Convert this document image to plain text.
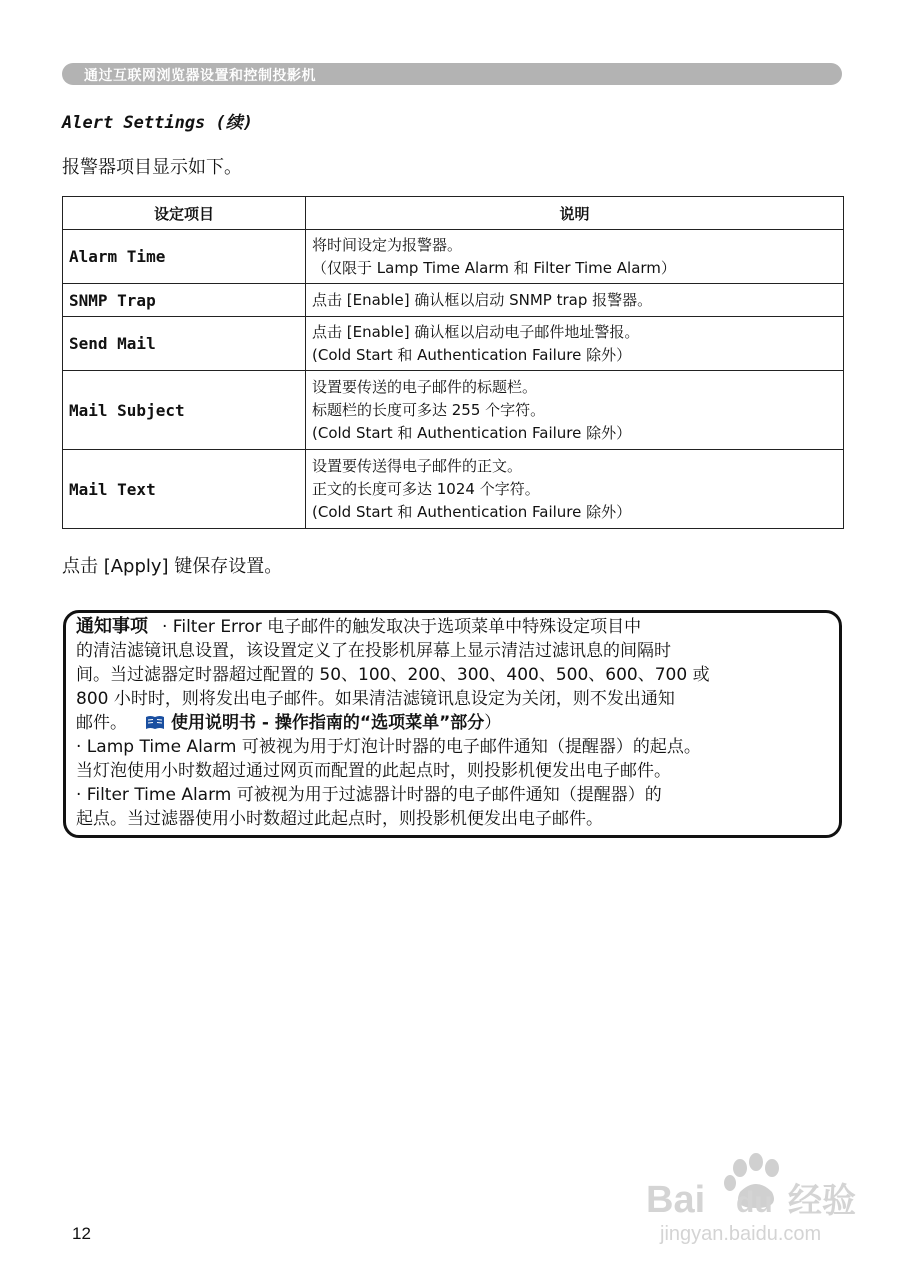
通过互联网浏览器设置和控制投影机
Alert Settings (续)
报警器项目显示如下。
设定项目	说明
Alarm Time	将时间设定为报警器。
（仅限于 Lamp Time Alarm 和 Filter Time Alarm）

SNMP Trap	点击 [Enable] 确认框以启动 SNMP trap 报警器。

Send Mail	点击 [Enable] 确认框以启动电子邮件地址警报。
(Cold Start 和 Authentication Failure 除外）

Mail Subject	设置要传送的电子邮件的标题栏。
标题栏的长度可多达 255 个字符。
(Cold Start 和 Authentication Failure 除外）

Mail Text	设置要传送得电子邮件的正文。
正文的长度可多达 1024 个字符。
(Cold Start 和 Authentication Failure 除外）
点击 [Apply] 键保存设置。
通知事项 · Filter Error 电子邮件的触发取决于选项菜单中特殊设定项目中
的清洁滤镜讯息设置，该设置定义了在投影机屏幕上显示清洁过滤讯息的间隔时
间。当过滤器定时器超过配置的 50、100、200、300、400、500、600、700 或
800 小时时，则将发出电子邮件。如果清洁滤镜讯息设定为关闭，则不发出通知
邮件。	使用说明书 - 操作指南的“选项菜单”部分）
· Lamp Time Alarm 可被视为用于灯泡计时器的电子邮件通知（提醒器）的起点。
当灯泡使用小时数超过通过网页而配置的此起点时，则投影机便发出电子邮件。
· Filter Time Alarm 可被视为用于过滤器计时器的电子邮件通知（提醒器）的
起点。当过滤器使用小时数超过此起点时，则投影机便发出电子邮件。
12
Bai du 经验
jingyan.baidu.com
